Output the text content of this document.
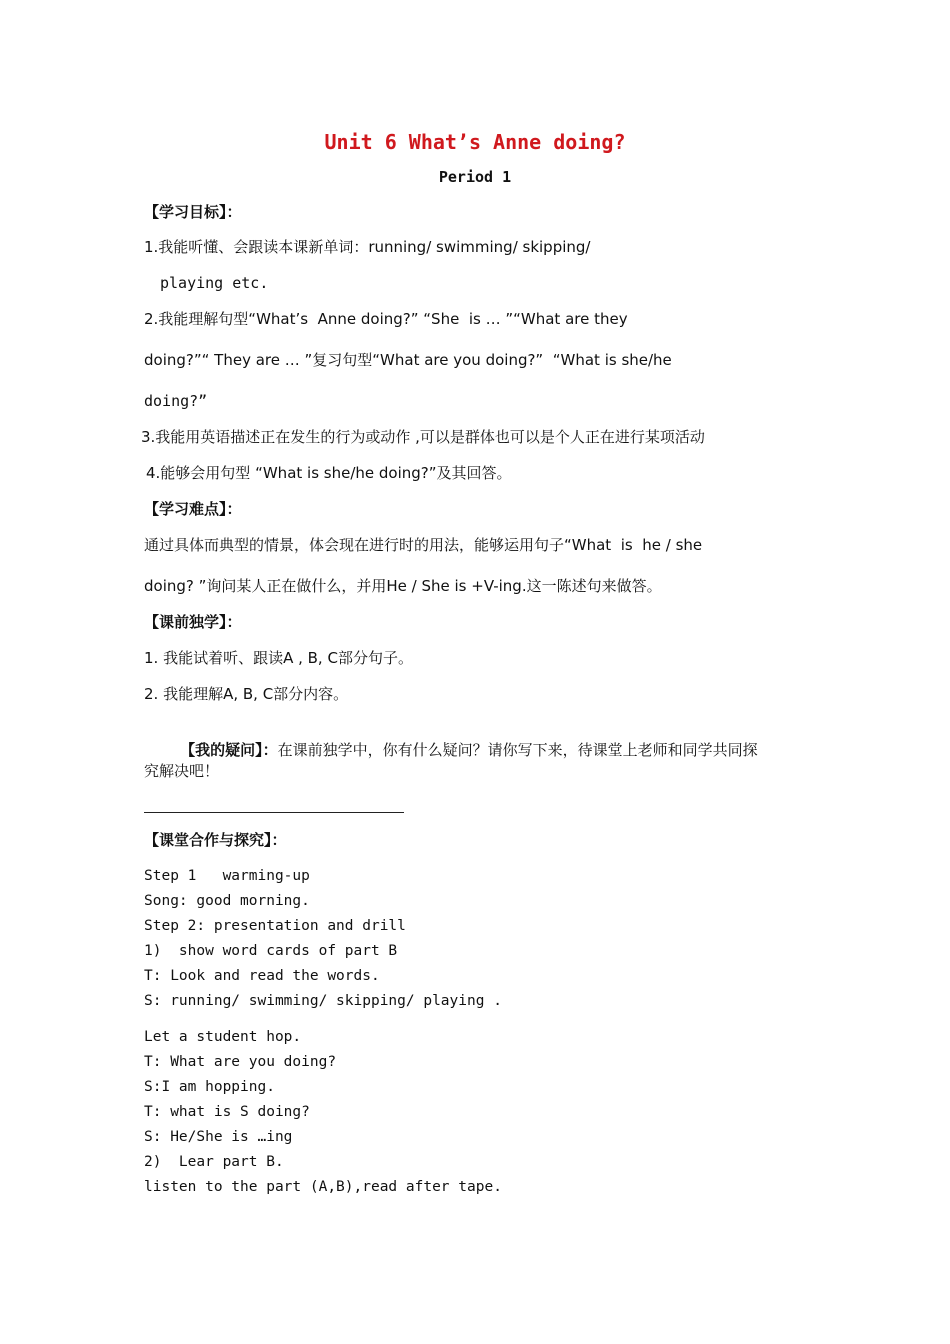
Unit 6 What’s Anne doing?
Period 1
【学习目标】：
1.我能听懂、会跟读本课新单词：running/ swimming/ skipping/
playing etc.
2.我能理解句型“What’s  Anne doing?” “She  is … ”“What are they
doing?”“ They are … ”复习句型“What are you doing?”  “What is she/he
doing?”
3.我能用英语描述正在发生的行为或动作 ,可以是群体也可以是个人正在进行某项活动
4.能够会用句型 “What is she/he doing?”及其回答。
【学习难点】：
通过具体而典型的情景，体会现在进行时的用法，能够运用句子“What  is  he / she
doing? ”询问某人正在做什么，并用He / She is +V-ing.这一陈述句来做答。
【课前独学】：
1. 我能试着听、跟读A , B, C部分句子。
2. 我能理解A, B, C部分内容。

【我的疑问】：在课前独学中，你有什么疑问？请你写下来，待课堂上老师和同学共同探

究解决吧！
【课堂合作与探究】：
Step 1   warming-up
Song: good morning.
Step 2: presentation and drill
1)  show word cards of part B
T: Look and read the words.
S: running/ swimming/ skipping/ playing .
Let a student hop.
T: What are you doing?
S:I am hopping.
T: what is S doing?
S: He/She is …ing
2)  Lear part B.
listen to the part (A,B),read after tape.
